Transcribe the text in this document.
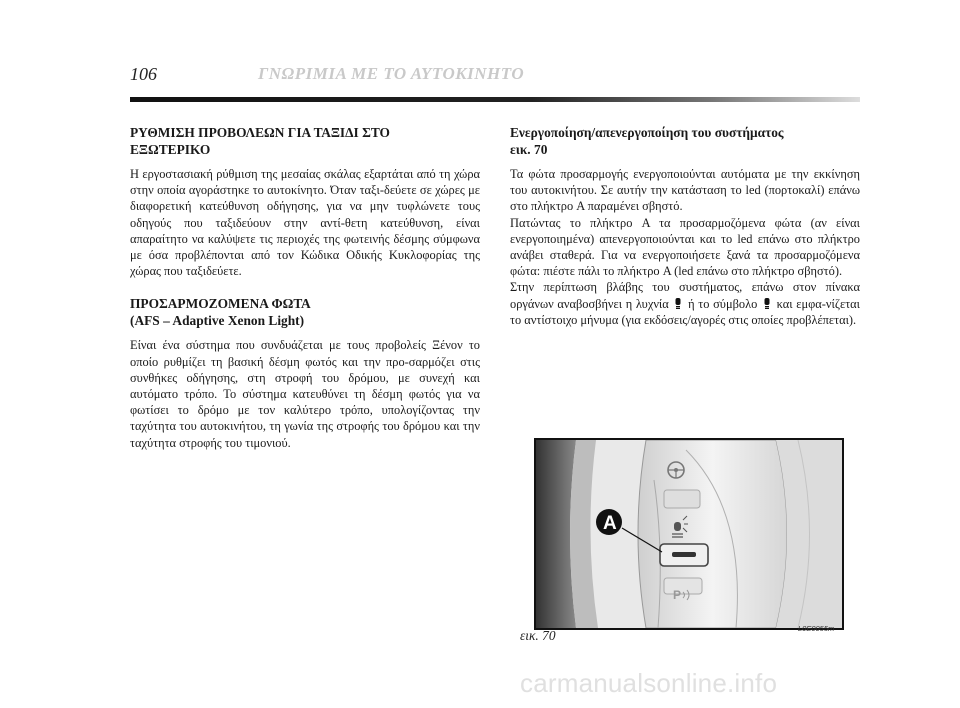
106	ΓΝΩΡΙΜΙΑ ΜΕ ΤΟ ΑΥΤΟΚΙΝΗΤΟ
ΡΥΘΜΙΣΗ ΠΡΟΒΟΛΕΩΝ ΓΙΑ ΤΑΞΙΔΙ ΣΤΟ
ΕΞΩΤΕΡΙΚΟ

Η εργοστασιακή ρύθμιση της μεσαίας σκάλας εξαρτάται από τη χώρα στην οποία αγοράστηκε το αυτοκίνητο. Όταν ταξι-δεύετε σε χώρες με διαφορετική κατεύθυνση οδήγησης, για να μην τυφλώνετε τους οδηγούς που ταξιδεύουν στην αντί-θετη κατεύθυνση, είναι απαραίτητο να καλύψετε τις περιοχές της φωτεινής δέσμης σύμφωνα με όσα προβλέπονται από τον Κώδικα Οδικής Κυκλοφορίας της χώρας που ταξιδεύετε.

ΠΡΟΣΑΡΜΟΖΟΜΕΝΑ ΦΩΤΑ
(AFS – Adaptive Xenon Light)

Είναι ένα σύστημα που συνδυάζεται με τους προβολείς Ξένον το οποίο ρυθμίζει τη βασική δέσμη φωτός και την προ-σαρμόζει στις συνθήκες οδήγησης, στη στροφή του δρόμου, με συνεχή και αυτόματο τρόπο. Το σύστημα κατευθύνει τη δέσμη φωτός για να φωτίσει το δρόμο με τον καλύτερο τρόπο, υπολογίζοντας την ταχύτητα του αυτοκινήτου, τη γωνία της στροφής του δρόμου και την ταχύτητα στροφής του τιμονιού.

Ενεργοποίηση/απενεργοποίηση του συστήματος
εικ. 70

Τα φώτα προσαρμογής ενεργοποιούνται αυτόματα με την εκκίνηση του αυτοκινήτου. Σε αυτήν την κατάσταση το led (πορτοκαλί) επάνω στο πλήκτρο A παραμένει σβηστό.

Πατώντας το πλήκτρο A τα προσαρμοζόμενα φώτα (αν είναι ενεργοποιημένα) απενεργοποιούνται και το led επάνω στο πλήκτρο ανάβει σταθερά. Για να ενεργοποιήσετε ξανά τα προσαρμοζόμενα φώτα: πιέστε πάλι το πλήκτρο A (led επάνω στο πλήκτρο σβηστό).

Στην περίπτωση βλάβης του συστήματος, επάνω στον πίνακα οργάνων αναβοσβήνει η λυχνία ή το σύμβολο και εμφα-νίζεται το αντίστοιχο μήνυμα (για εκδόσεις/αγορές στις οποίες προβλέπεται).

P
A
εικ. 70	L0E0055m
carmanualsonline.info
